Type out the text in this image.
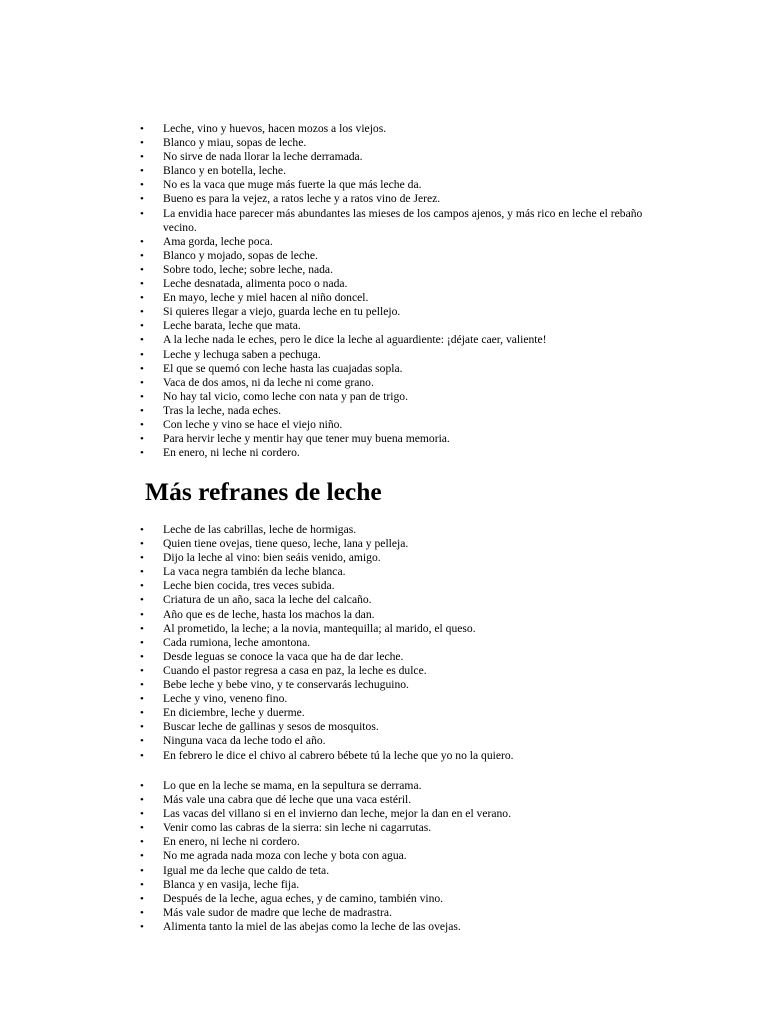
• Leche, vino y huevos, hacen mozos a los viejos.
• Blanco y miau, sopas de leche.
• No sirve de nada llorar la leche derramada.
• Blanco y en botella, leche.
• No es la vaca que muge más fuerte la que más leche da.
• Bueno es para la vejez, a ratos leche y a ratos vino de Jerez.
• La envidia hace parecer más abundantes las mieses de los campos ajenos, y más rico en leche el rebaño vecino.
• Ama gorda, leche poca.
• Blanco y mojado, sopas de leche.
• Sobre todo, leche; sobre leche, nada.
• Leche desnatada, alimenta poco o nada.
• En mayo, leche y miel hacen al niño doncel.
• Si quieres llegar a viejo, guarda leche en tu pellejo.
• Leche barata, leche que mata.
• A la leche nada le eches, pero le dice la leche al aguardiente: ¡déjate caer, valiente!
• Leche y lechuga saben a pechuga.
• El que se quemó con leche hasta las cuajadas sopla.
• Vaca de dos amos, ni da leche ni come grano.
• No hay tal vicio, como leche con nata y pan de trigo.
• Tras la leche, nada eches.
• Con leche y vino se hace el viejo niño.
• Para hervir leche y mentir hay que tener muy buena memoria.
• En enero, ni leche ni cordero.
Más refranes de leche
• Leche de las cabrillas, leche de hormigas.
• Quien tiene ovejas, tiene queso, leche, lana y pelleja.
• Dijo la leche al vino: bien seáis venido, amigo.
• La vaca negra también da leche blanca.
• Leche bien cocida, tres veces subida.
• Criatura de un año, saca la leche del calcaño.
• Año que es de leche, hasta los machos la dan.
• Al prometido, la leche; a la novia, mantequilla; al marido, el queso.
• Cada rumiona, leche amontona.
• Desde leguas se conoce la vaca que ha de dar leche.
• Cuando el pastor regresa a casa en paz, la leche es dulce.
• Bebe leche y bebe vino, y te conservarás lechuguino.
• Leche y vino, veneno fino.
• En diciembre, leche y duerme.
• Buscar leche de gallinas y sesos de mosquitos.
• Ninguna vaca da leche todo el año.
• En febrero le dice el chivo al cabrero bébete tú la leche que yo no la quiero.
• Lo que en la leche se mama, en la sepultura se derrama.
• Más vale una cabra que dé leche que una vaca estéril.
• Las vacas del villano si en el invierno dan leche, mejor la dan en el verano.
• Venir como las cabras de la sierra: sin leche ni cagarrutas.
• En enero, ni leche ni cordero.
• No me agrada nada moza con leche y bota con agua.
• Igual me da leche que caldo de teta.
• Blanca y en vasija, leche fija.
• Después de la leche, agua eches, y de camino, también vino.
• Más vale sudor de madre que leche de madrastra.
• Alimenta tanto la miel de las abejas como la leche de las ovejas.
